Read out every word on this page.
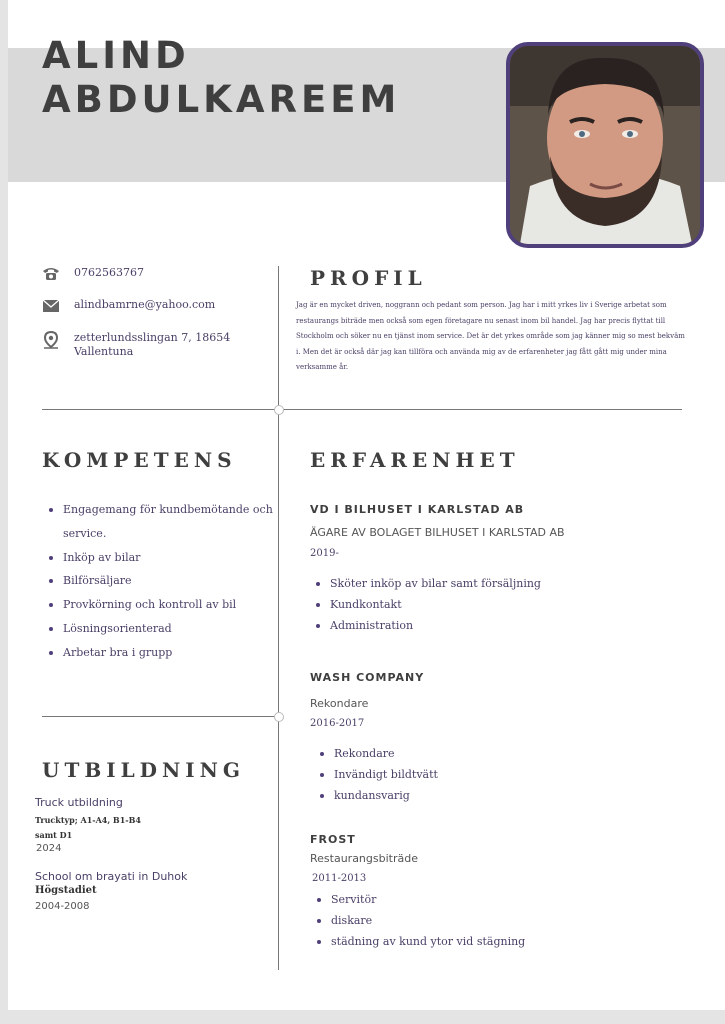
ALIND
ABDULKAREEM
0762563767
alindbamrne@yahoo.com
zetterlundsslingan 7, 18654
Vallentuna
PROFIL
Jag är en mycket driven, noggrann och pedant som person. Jag har i mitt yrkes liv i Sverige arbetat som restaurangs biträde men också som egen företagare nu senast inom bil handel. Jag har precis flyttat till Stockholm och söker nu en tjänst inom service. Det är det yrkes område som jag känner mig so mest bekväm i. Men det är också där jag kan tillföra och använda mig av de erfarenheter jag fått gått mig under mina verksamme år.
KOMPETENS
Engagemang för kundbemötande och service.
Inköp av bilar
Bilförsäljare
Provkörning och kontroll av bil
Lösningsorienterad
Arbetar bra i grupp
ERFARENHET
VD I BILHUSET I KARLSTAD AB
ÄGARE AV BOLAGET BILHUSET I KARLSTAD AB
2019-
Sköter inköp av bilar samt försäljning
Kundkontakt
Administration
WASH COMPANY
Rekondare
2016-2017
Rekondare
Invändigt bildtvätt
kundansvarig
FROST
Restaurangsbiträde
2011-2013
Servitör
diskare
städning av kund ytor vid stägning
UTBILDNING
Truck utbildning
Trucktyp; A1-A4, B1-B4
samt D1
2024
School om brayati in Duhok
Högstadiet
2004-2008
